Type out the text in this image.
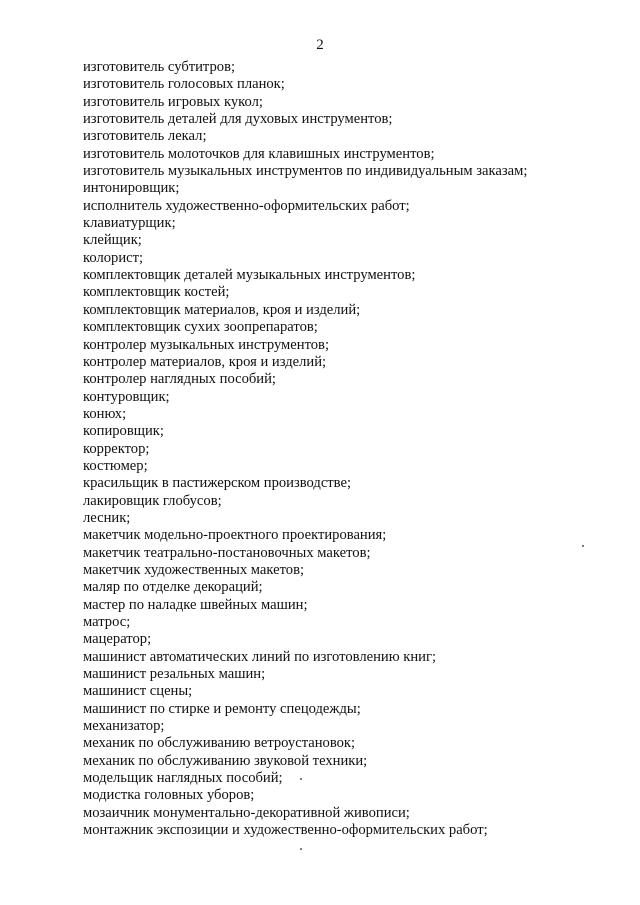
2
изготовитель субтитров;
изготовитель голосовых планок;
изготовитель игровых кукол;
изготовитель деталей для духовых инструментов;
изготовитель лекал;
изготовитель молоточков для клавишных инструментов;
изготовитель музыкальных инструментов по индивидуальным заказам;
интонировщик;
исполнитель художественно-оформительских работ;
клавиатурщик;
клейщик;
колорист;
комплектовщик деталей музыкальных инструментов;
комплектовщик костей;
комплектовщик материалов, кроя и изделий;
комплектовщик сухих зоопрепаратов;
контролер музыкальных инструментов;
контролер материалов, кроя и изделий;
контролер наглядных пособий;
контуровщик;
конюх;
копировщик;
корректор;
костюмер;
красильщик в пастижерском производстве;
лакировщик глобусов;
лесник;
макетчик модельно-проектного проектирования;
макетчик театрально-постановочных макетов;
макетчик художественных макетов;
маляр по отделке декораций;
мастер по наладке швейных машин;
матрос;
мацератор;
машинист автоматических линий по изготовлению книг;
машинист резальных машин;
машинист сцены;
машинист по стирке и ремонту спецодежды;
механизатор;
механик по обслуживанию ветроустановок;
механик по обслуживанию звуковой техники;
модельщик наглядных пособий;
модистка головных уборов;
мозаичник монументально-декоративной живописи;
монтажник экспозиции и художественно-оформительских работ;
